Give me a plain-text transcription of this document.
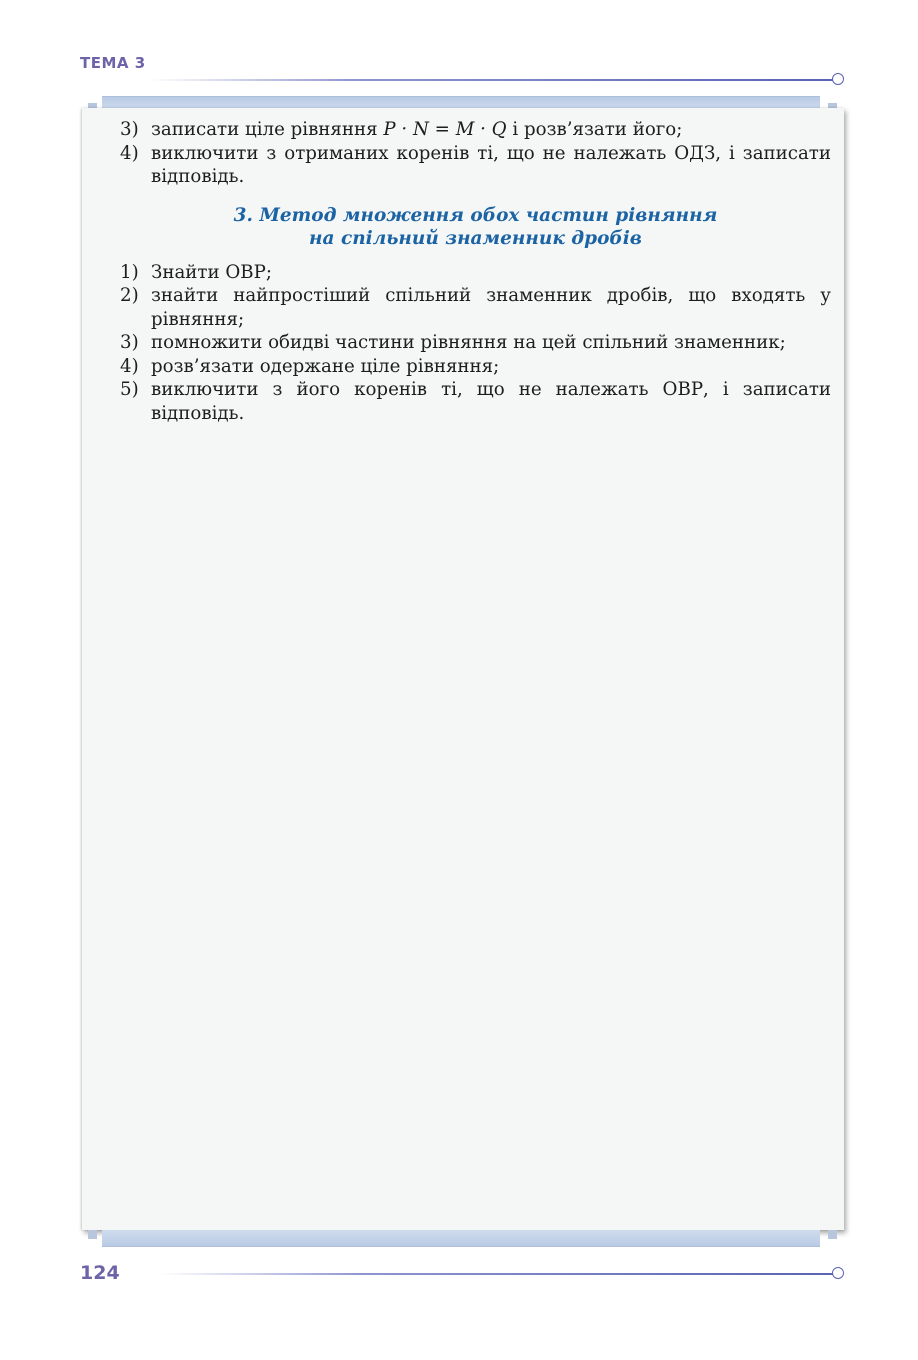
ТЕМА 3
3) записати ціле рівняння P · N = M · Q і розв’язати його;
4) виключити з отриманих коренів ті, що не належать ОДЗ, і записати відповідь.
3. Метод множення обох частин рівняння
на спільний знаменник дробів
1) Знайти ОВР;
2) знайти найпростіший спільний знаменник дробів, що входять у рівняння;
3) помножити обидві частини рівняння на цей спільний знаменник;
4) розв’язати одержане ціле рівняння;
5) виключити з його коренів ті, що не належать ОВР, і записати відповідь.
124
